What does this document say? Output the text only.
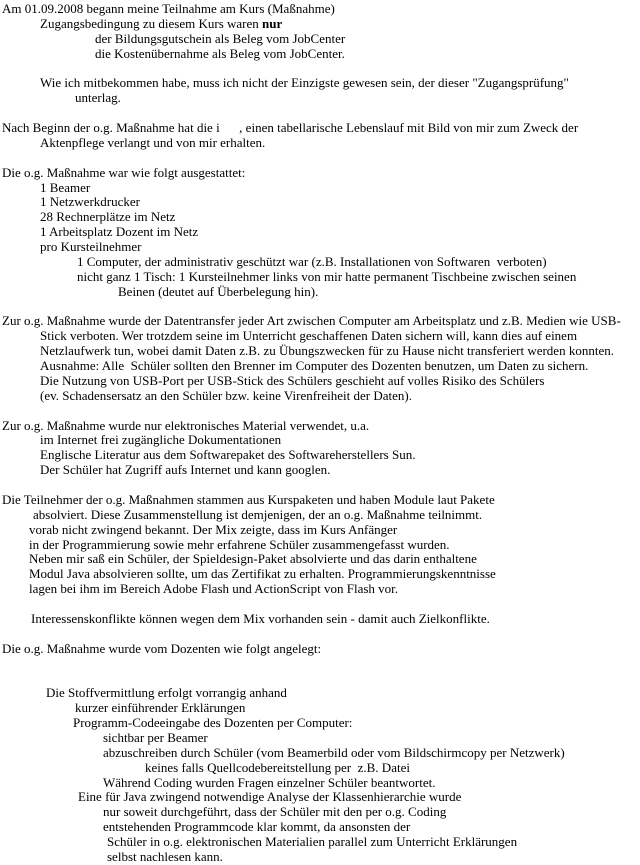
Am 01.09.2008 begann meine Teilnahme am Kurs (Maßnahme)
Zugangsbedingung zu diesem Kurs waren nur
der Bildungsgutschein als Beleg vom JobCenter
die Kostenübernahme als Beleg vom JobCenter.
Wie ich mitbekommen habe, muss ich nicht der Einzigste gewesen sein, der dieser "Zugangsprüfung"
unterlag.
Nach Beginn der o.g. Maßnahme hat die i      , einen tabellarische Lebenslauf mit Bild von mir zum Zweck der
Aktenpflege verlangt und von mir erhalten.
Die o.g. Maßnahme war wie folgt ausgestattet:
1 Beamer
1 Netzwerkdrucker
28 Rechnerplätze im Netz
1 Arbeitsplatz Dozent im Netz
pro Kursteilnehmer
1 Computer, der administrativ geschützt war (z.B. Installationen von Softwaren  verboten)
nicht ganz 1 Tisch: 1 Kursteilnehmer links von mir hatte permanent Tischbeine zwischen seinen
Beinen (deutet auf Überbelegung hin).
Zur o.g. Maßnahme wurde der Datentransfer jeder Art zwischen Computer am Arbeitsplatz und z.B. Medien wie USB-
Stick verboten. Wer trotzdem seine im Unterricht geschaffenen Daten sichern will, kann dies auf einem
Netzlaufwerk tun, wobei damit Daten z.B. zu Übungszwecken für zu Hause nicht transferiert werden konnten.
Ausnahme: Alle  Schüler sollten den Brenner im Computer des Dozenten benutzen, um Daten zu sichern.
Die Nutzung von USB-Port per USB-Stick des Schülers geschieht auf volles Risiko des Schülers
(ev. Schadensersatz an den Schüler bzw. keine Virenfreiheit der Daten).
Zur o.g. Maßnahme wurde nur elektronisches Material verwendet, u.a.
im Internet frei zugängliche Dokumentationen
Englische Literatur aus dem Softwarepaket des Softwareherstellers Sun.
Der Schüler hat Zugriff aufs Internet und kann googlen.
Die Teilnehmer der o.g. Maßnahmen stammen aus Kurspaketen und haben Module laut Pakete
absolviert. Diese Zusammenstellung ist demjenigen, der an o.g. Maßnahme teilnimmt.
vorab nicht zwingend bekannt. Der Mix zeigte, dass im Kurs Anfänger
in der Programmierung sowie mehr erfahrene Schüler zusammengefasst wurden.
Neben mir saß ein Schüler, der Spieldesign-Paket absolvierte und das darin enthaltene
Modul Java absolvieren sollte, um das Zertifikat zu erhalten. Programmierungskenntnisse
lagen bei ihm im Bereich Adobe Flash und ActionScript von Flash vor.
Interessenskonflikte können wegen dem Mix vorhanden sein - damit auch Zielkonflikte.
Die o.g. Maßnahme wurde vom Dozenten wie folgt angelegt:
Die Stoffvermittlung erfolgt vorrangig anhand
kurzer einführender Erklärungen
Programm-Codeeingabe des Dozenten per Computer:
sichtbar per Beamer
abzuschreiben durch Schüler (vom Beamerbild oder vom Bildschirmcopy per Netzwerk)
keines falls Quellcodebereitstellung per  z.B. Datei
Während Coding wurden Fragen einzelner Schüler beantwortet.
Eine für Java zwingend notwendige Analyse der Klassenhierarchie wurde
nur soweit durchgeführt, dass der Schüler mit den per o.g. Coding
entstehenden Programmcode klar kommt, da ansonsten der
Schüler in o.g. elektronischen Materialien parallel zum Unterricht Erklärungen
selbst nachlesen kann.
